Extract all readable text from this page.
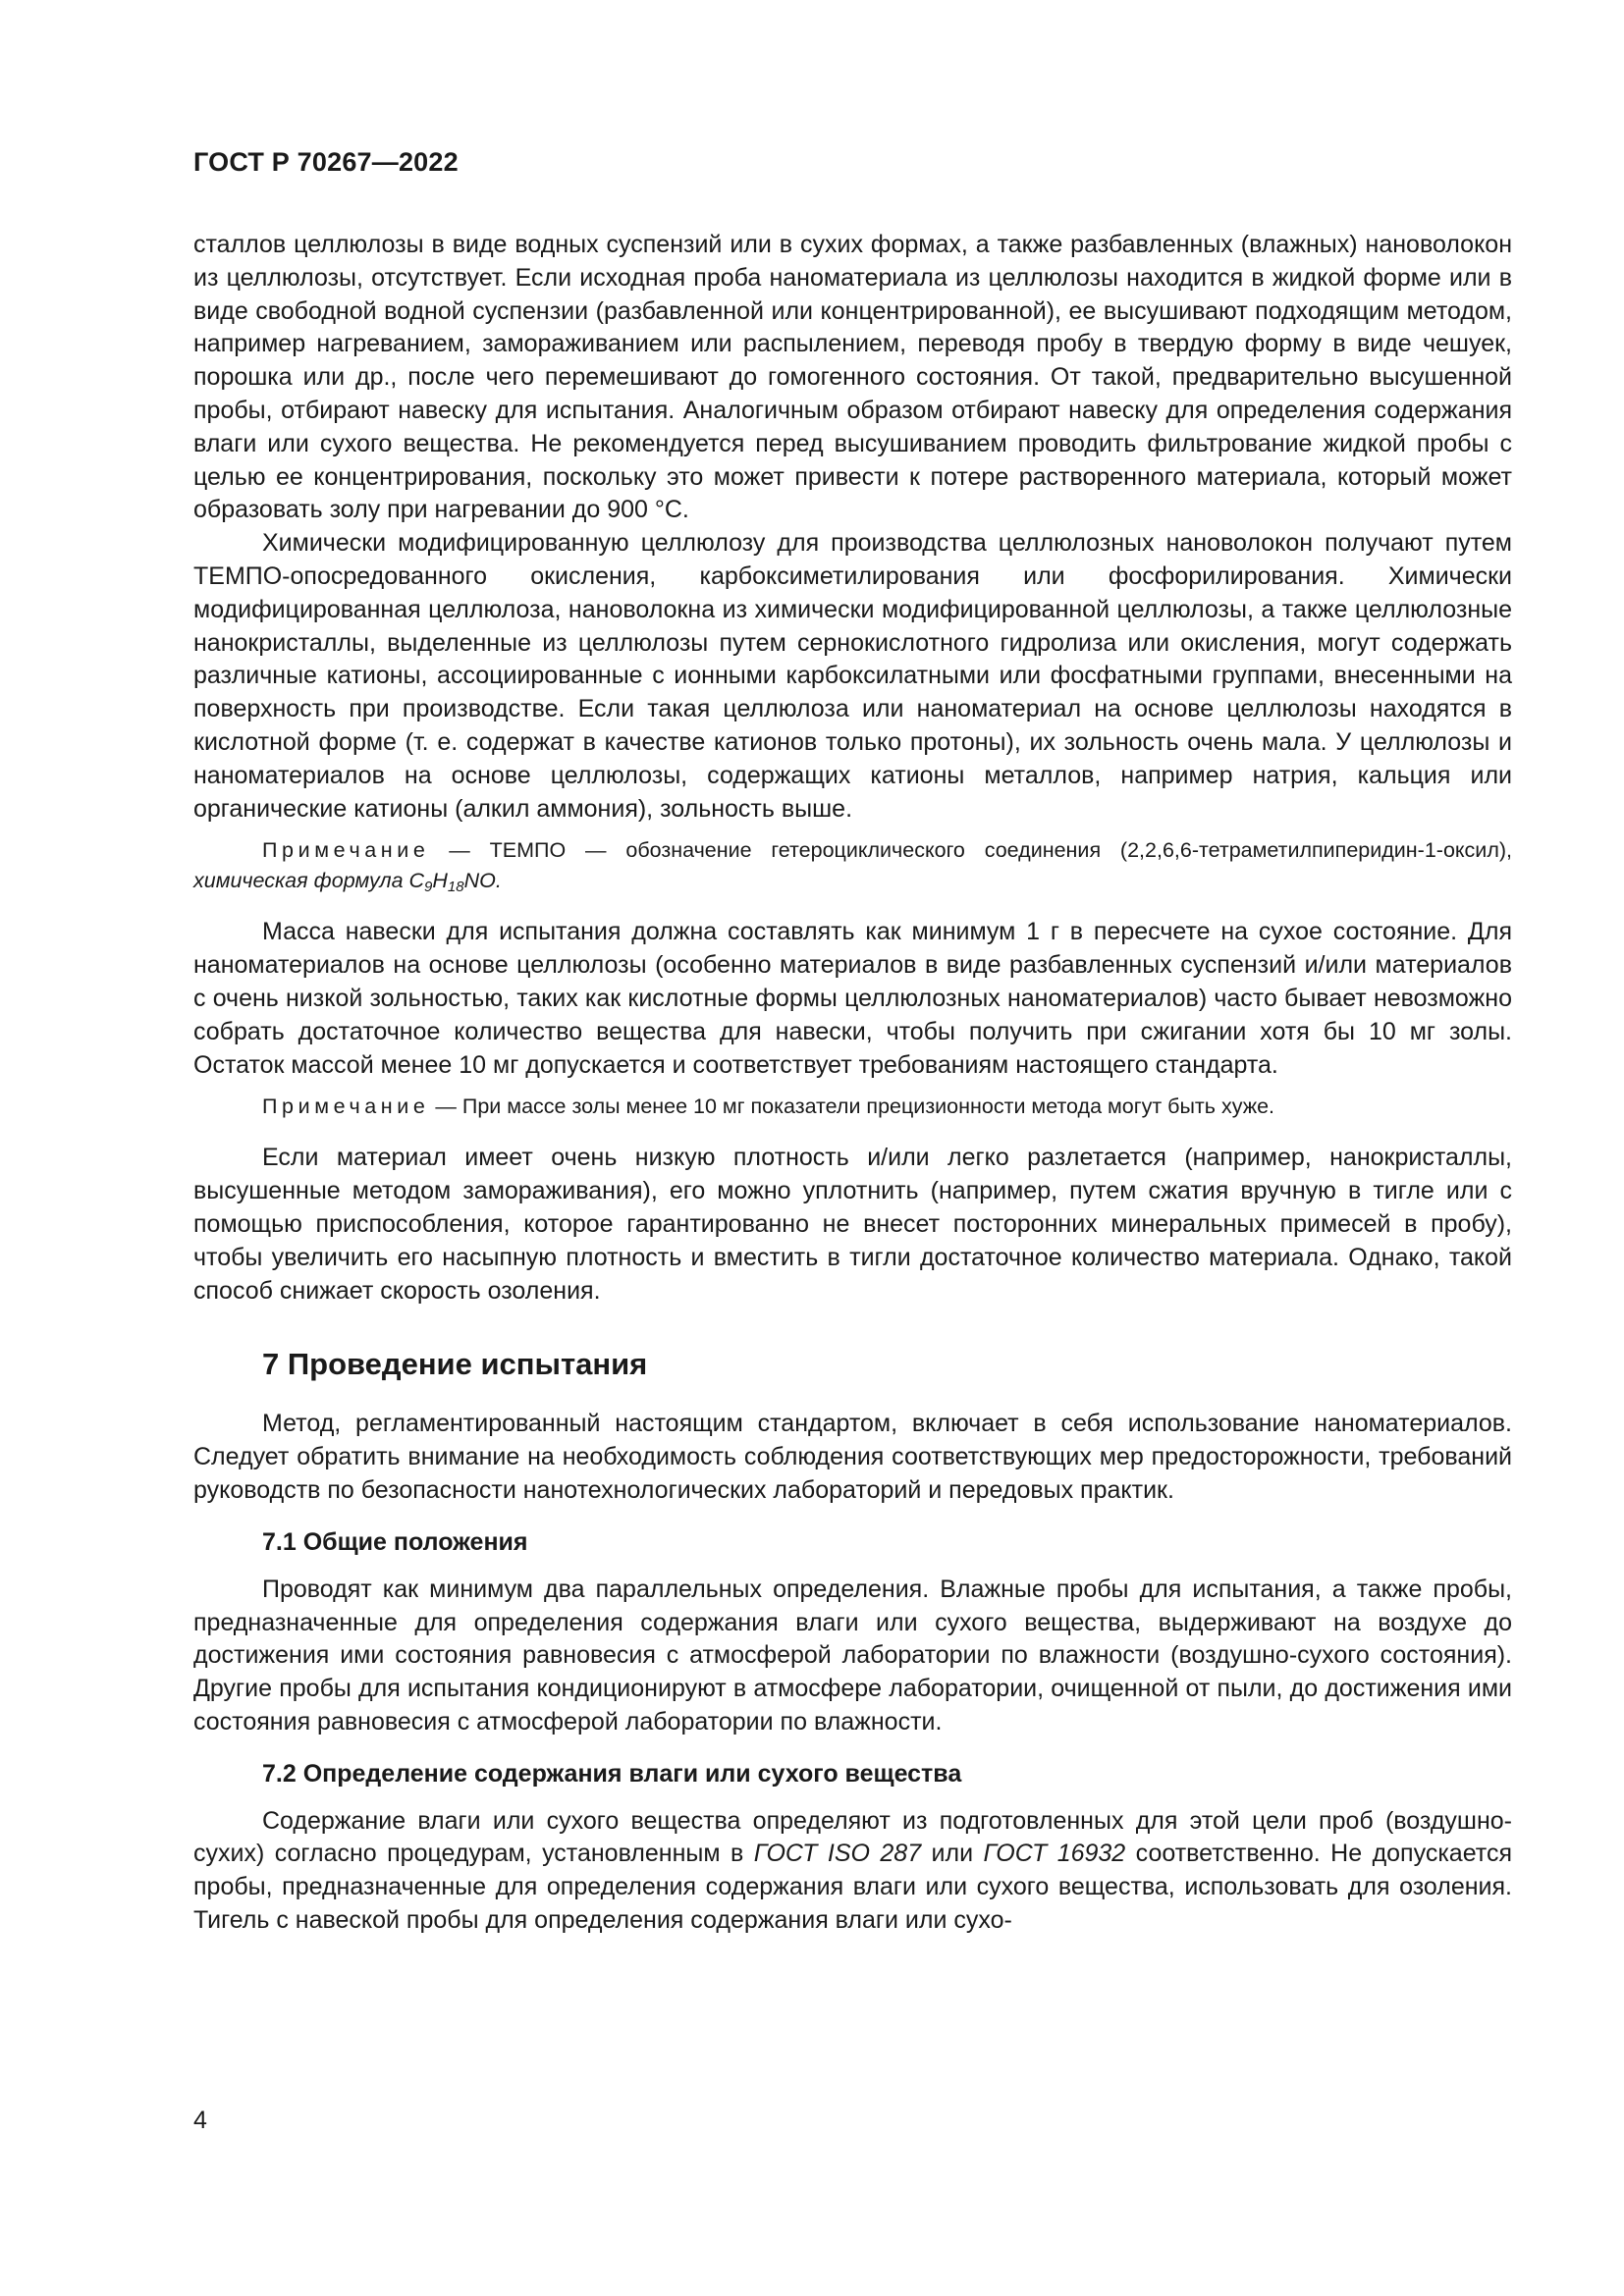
ГОСТ Р 70267—2022

сталлов целлюлозы в виде водных суспензий или в сухих формах, а также разбавленных (влажных) нановолокон из целлюлозы, отсутствует. Если исходная проба наноматериала из целлюлозы находится в жидкой форме или в виде свободной водной суспензии (разбавленной или концентрированной), ее высушивают подходящим методом, например нагреванием, замораживанием или распылением, переводя пробу в твердую форму в виде чешуек, порошка или др., после чего перемешивают до гомогенного состояния. От такой, предварительно высушенной пробы, отбирают навеску для испытания. Аналогичным образом отбирают навеску для определения содержания влаги или сухого вещества. Не рекомендуется перед высушиванием проводить фильтрование жидкой пробы с целью ее концентрирования, поскольку это может привести к потере растворенного материала, который может образовать золу при нагревании до 900 °C.

Химически модифицированную целлюлозу для производства целлюлозных нановолокон получают путем ТЕМПО-опосредованного окисления, карбоксиметилирования или фосфорилирования. Химически модифицированная целлюлоза, нановолокна из химически модифицированной целлюлозы, а также целлюлозные нанокристаллы, выделенные из целлюлозы путем сернокислотного гидролиза или окисления, могут содержать различные катионы, ассоциированные с ионными карбоксилатными или фосфатными группами, внесенными на поверхность при производстве. Если такая целлюлоза или наноматериал на основе целлюлозы находятся в кислотной форме (т. е. содержат в качестве катионов только протоны), их зольность очень мала. У целлюлозы и наноматериалов на основе целлюлозы, содержащих катионы металлов, например натрия, кальция или органические катионы (алкил аммония), зольность выше.

Примечание — ТЕМПО — обозначение гетероциклического соединения (2,2,6,6-тетраметилпиперидин-1-оксил), химическая формула $C_9H_{18}NO$.

Масса навески для испытания должна составлять как минимум 1 г в пересчете на сухое состояние. Для наноматериалов на основе целлюлозы (особенно материалов в виде разбавленных суспензий и/или материалов с очень низкой зольностью, таких как кислотные формы целлюлозных наноматериалов) часто бывает невозможно собрать достаточное количество вещества для навески, чтобы получить при сжигании хотя бы 10 мг золы. Остаток массой менее 10 мг допускается и соответствует требованиям настоящего стандарта.

Примечание — При массе золы менее 10 мг показатели прецизионности метода могут быть хуже.

Если материал имеет очень низкую плотность и/или легко разлетается (например, нанокристаллы, высушенные методом замораживания), его можно уплотнить (например, путем сжатия вручную в тигле или с помощью приспособления, которое гарантированно не внесет посторонних минеральных примесей в пробу), чтобы увеличить его насыпную плотность и вместить в тигли достаточное количество материала. Однако, такой способ снижает скорость озоления.

7 Проведение испытания

Метод, регламентированный настоящим стандартом, включает в себя использование наноматериалов. Следует обратить внимание на необходимость соблюдения соответствующих мер предосторожности, требований руководств по безопасности нанотехнологических лабораторий и передовых практик.

7.1 Общие положения

Проводят как минимум два параллельных определения. Влажные пробы для испытания, а также пробы, предназначенные для определения содержания влаги или сухого вещества, выдерживают на воздухе до достижения ими состояния равновесия с атмосферой лаборатории по влажности (воздушно-сухого состояния). Другие пробы для испытания кондиционируют в атмосфере лаборатории, очищенной от пыли, до достижения ими состояния равновесия с атмосферой лаборатории по влажности.

7.2 Определение содержания влаги или сухого вещества

Содержание влаги или сухого вещества определяют из подготовленных для этой цели проб (воздушно-сухих) согласно процедурам, установленным в ГОСТ ISO 287 или ГОСТ 16932 соответственно. Не допускается пробы, предназначенные для определения содержания влаги или сухого вещества, использовать для озоления. Тигель с навеской пробы для определения содержания влаги или сухо-

4
